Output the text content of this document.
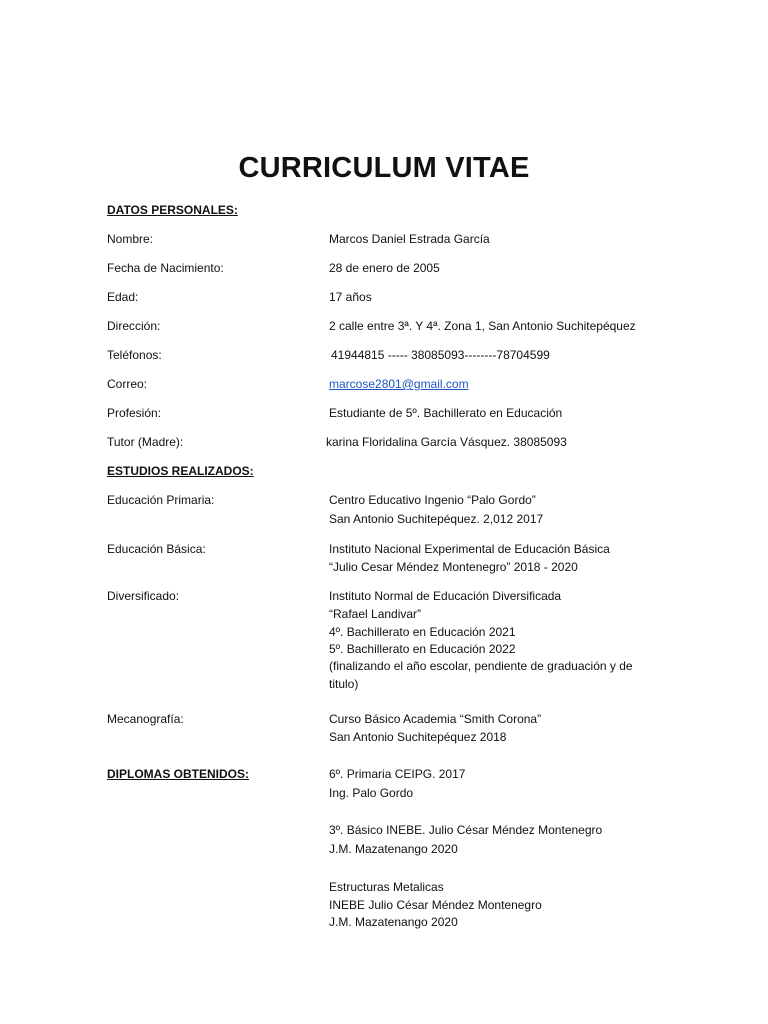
CURRICULUM VITAE
DATOS PERSONALES:
Nombre:	Marcos Daniel Estrada García
Fecha de Nacimiento:	28 de enero de 2005
Edad:	17 años
Dirección:	2 calle entre 3ª. Y 4ª. Zona 1, San Antonio Suchitepéquez
Teléfonos:	41944815 ----- 38085093--------78704599
Correo:	marcose2801@gmail.com
Profesión:	Estudiante de 5º. Bachillerato en Educación
Tutor (Madre):	karina Floridalina García Vásquez. 38085093
ESTUDIOS REALIZADOS:
Educación Primaria:	Centro Educativo Ingenio “Palo Gordo”
San Antonio Suchitepéquez. 2,012 2017
Educación Básica:	Instituto Nacional Experimental de Educación Básica
“Julio Cesar Méndez Montenegro” 2018 - 2020
Diversificado:	Instituto Normal de Educación Diversificada
“Rafael Landivar”
4º. Bachillerato en Educación 2021
5º. Bachillerato en Educación 2022
(finalizando el año escolar, pendiente de graduación y de
titulo)
Mecanografía:	Curso Básico Academia “Smith Corona”
San Antonio Suchitepéquez 2018
DIPLOMAS OBTENIDOS:	6º. Primaria CEIPG. 2017
Ing. Palo Gordo
3º. Básico INEBE. Julio César Méndez Montenegro
J.M. Mazatenango 2020
Estructuras Metalicas
INEBE Julio César Méndez Montenegro
J.M. Mazatenango 2020
